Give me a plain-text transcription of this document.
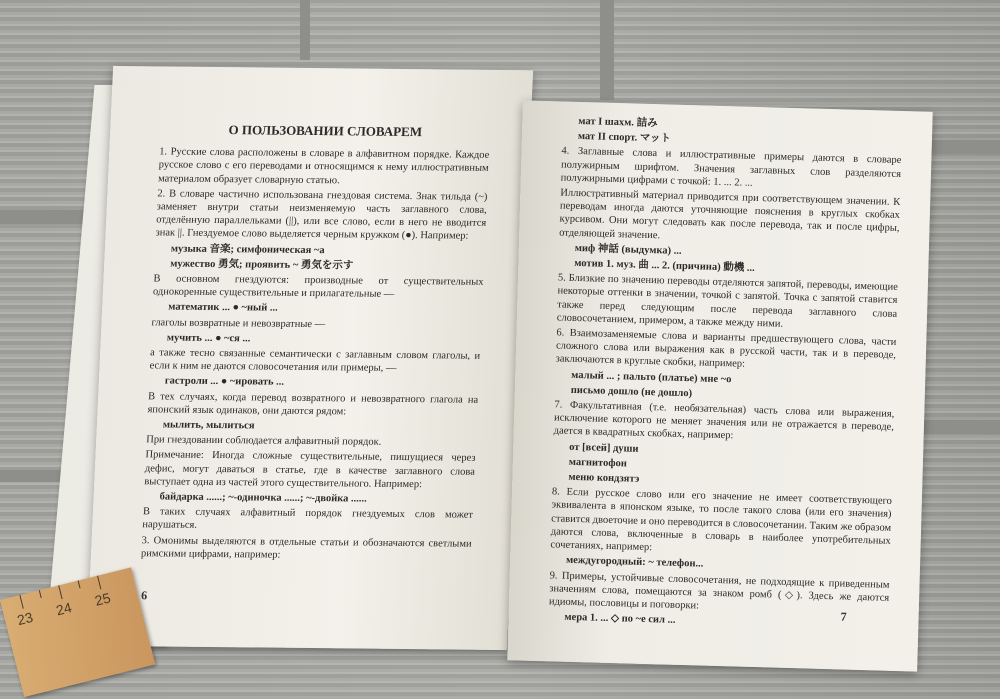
О ПОЛЬЗОВАНИИ СЛОВАРЕМ

1. Русские слова расположены в словаре в алфавитном порядке. Каждое русское слово с его переводами и относящимся к нему иллюстративным материалом образует словарную статью.

2. В словаре частично использована гнездовая система. Знак тильда (~) заменяет внутри статьи неизменяемую часть заглавного слова, отделённую параллельками (||), или все слово, если в него не вводится знак ||. Гнездуемое слово выделяется черным кружком (●). Например:

музыка 音楽; симфоническая ~а
мужество 勇気; проявить ~ 勇気を示す

В основном гнездуются: производные от существительных однокоренные существительные и прилагательные —

математик ... ● ~ный ...

глаголы возвратные и невозвратные —

мучить ... ● ~ся ...

а также тесно связанные семантически с заглавным словом глаголы, и если к ним не даются словосочетания или примеры, —

гастроли ... ● ~ировать ...

В тех случаях, когда перевод возвратного и невозвратного глагола на японский язык одинаков, они даются рядом:

мылить, мылиться

При гнездовании соблюдается алфавитный порядок.

Примечание: Иногда сложные существительные, пишущиеся через дефис, могут даваться в статье, где в качестве заглавного слова выступает одна из частей этого существительного. Например:

байдарка ......; ~-одиночка ......; ~-двойка ......

В таких случаях алфавитный порядок гнездуемых слов может нарушаться.

3. Омонимы выделяются в отдельные статьи и обозначаются светлыми римскими цифрами, например:

6
мат I шахм. 詰み
мат II спорт. マット

4. Заглавные слова и иллюстративные примеры даются в словаре полужирным шрифтом. Значения заглавных слов разделяются полужирными цифрами с точкой: 1. ... 2. ...

Иллюстративный материал приводится при соответствующем значении. К переводам иногда даются уточняющие пояснения в круглых скобках курсивом. Они могут следовать как после перевода, так и после цифры, отделяющей значение.

миф 神話 (выдумка) ...
мотив 1. муз. 曲 ... 2. (причина) 動機 ...

5. Близкие по значению переводы отделяются запятой, переводы, имеющие некоторые оттенки в значении, точкой с запятой. Точка с запятой ставится также перед следующим после перевода заглавного слова словосочетанием, примером, а также между ними.

6. Взаимозаменяемые слова и варианты предшествующего слова, части сложного слова или выражения как в русской части, так и в переводе, заключаются в круглые скобки, например:

малый ... ; пальто (платье) мне ~о
письмо дошло (не дошло)

7. Факультативная (т.е. необязательная) часть слова или выражения, исключение которого не меняет значения или не отражается в переводе, дается в квадратных скобках, например:

от [всей] души
магнитофон
меню кондзятэ

8. Если русское слово или его значение не имеет соответствующего эквивалента в японском языке, то после такого слова (или его значения) ставится двоеточие и оно переводится в словосочетании. Таким же образом даются слова, включенные в словарь в наиболее употребительных сочетаниях, например:

междугородный: ~ телефон...

9. Примеры, устойчивые словосочетания, не подходящие к приведенным значениям слова, помещаются за знаком ромб (◇). Здесь же даются идиомы, пословицы и поговорки:

мерa 1. ... ◇ по ~е сил ...	7
25
24
23
